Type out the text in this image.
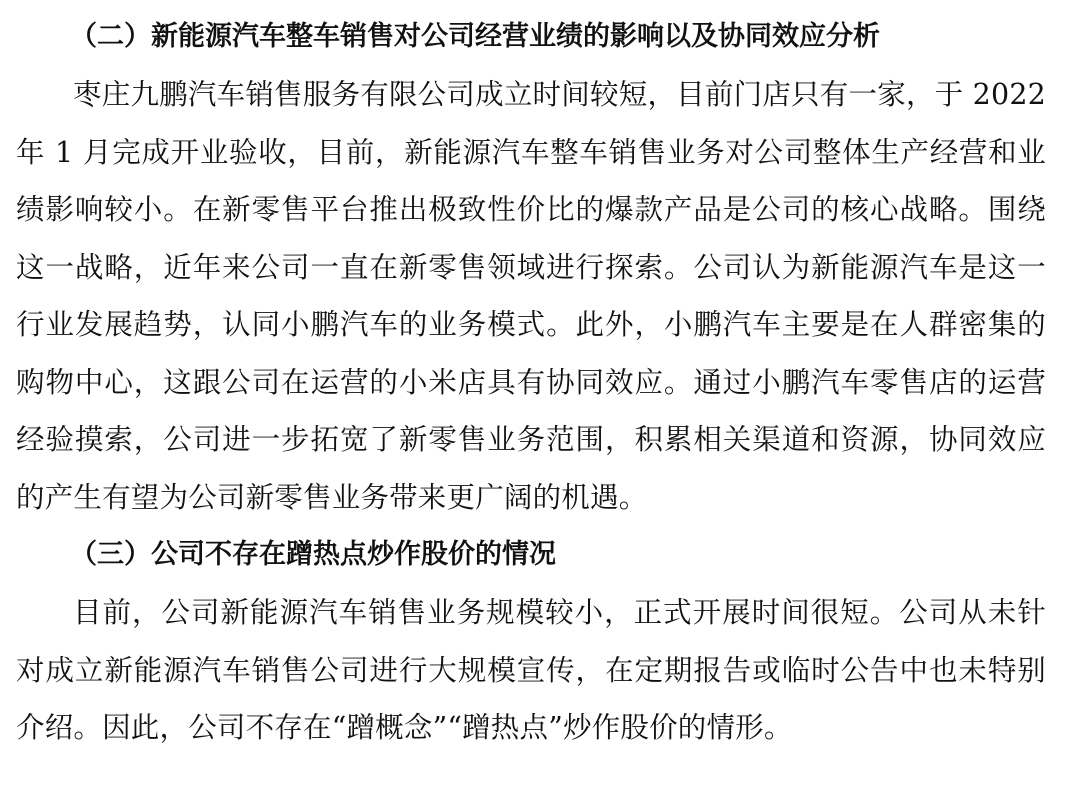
（二）新能源汽车整车销售对公司经营业绩的影响以及协同效应分析
枣庄九鹏汽车销售服务有限公司成立时间较短，目前门店只有一家，于 2022
年 1 月完成开业验收，目前，新能源汽车整车销售业务对公司整体生产经营和业
绩影响较小。在新零售平台推出极致性价比的爆款产品是公司的核心战略。围绕
这一战略，近年来公司一直在新零售领域进行探索。公司认为新能源汽车是这一
行业发展趋势，认同小鹏汽车的业务模式。此外，小鹏汽车主要是在人群密集的
购物中心，这跟公司在运营的小米店具有协同效应。通过小鹏汽车零售店的运营
经验摸索，公司进一步拓宽了新零售业务范围，积累相关渠道和资源，协同效应
的产生有望为公司新零售业务带来更广阔的机遇。
（三）公司不存在蹭热点炒作股价的情况
目前，公司新能源汽车销售业务规模较小，正式开展时间很短。公司从未针
对成立新能源汽车销售公司进行大规模宣传，在定期报告或临时公告中也未特别
介绍。因此，公司不存在“蹭概念”“蹭热点”炒作股价的情形。
